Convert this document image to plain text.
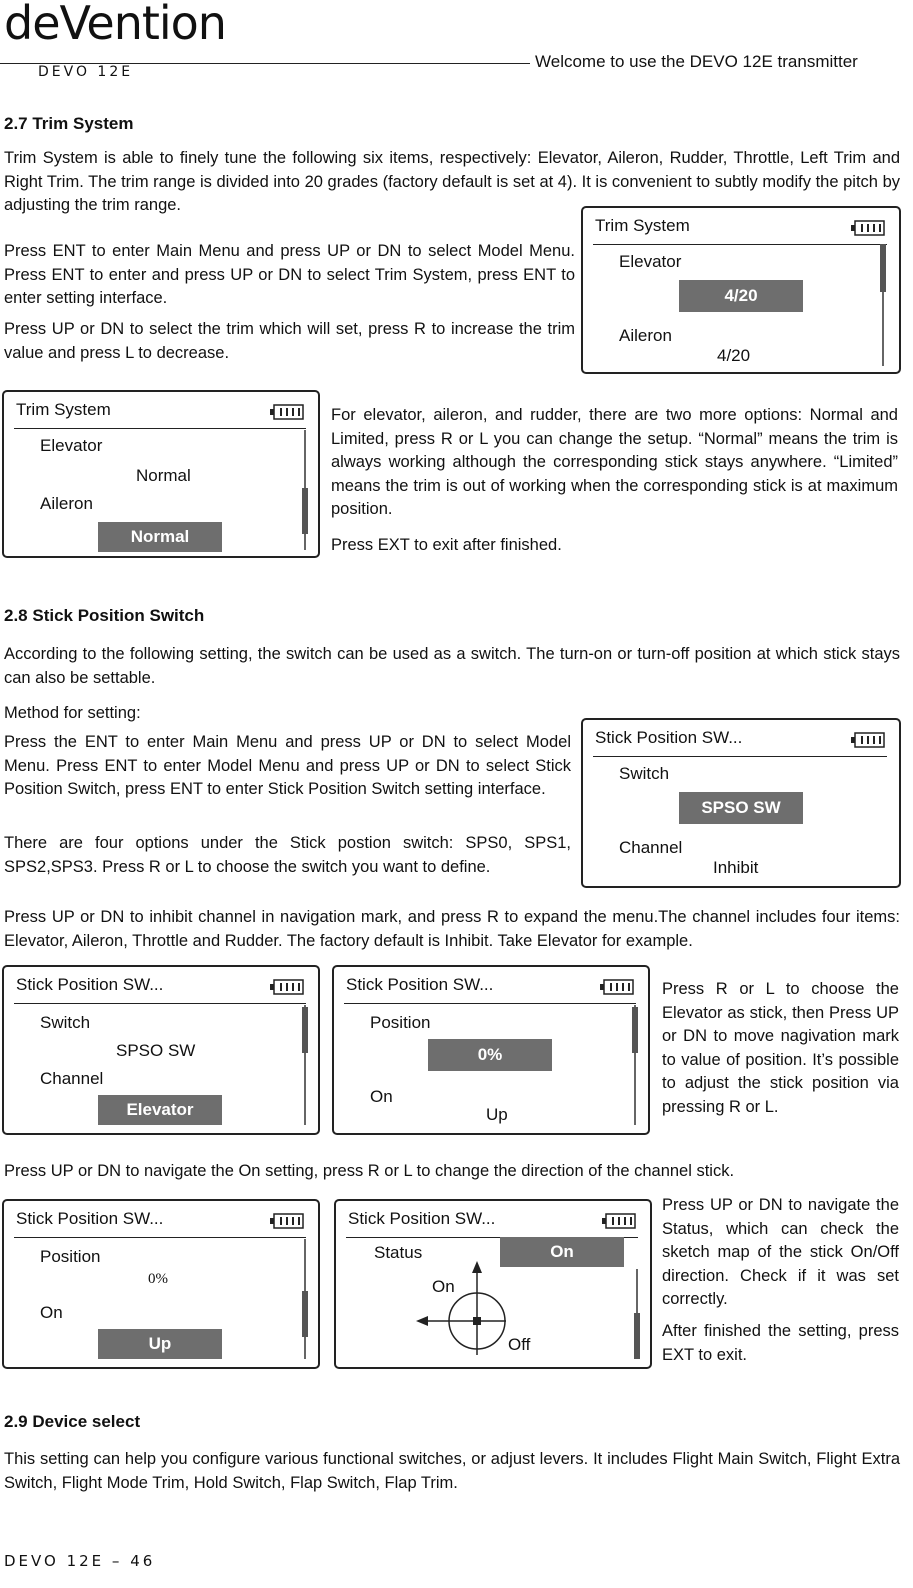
deVention
DEVO 12E
Welcome to use the DEVO 12E transmitter
2.7 Trim System
Trim System is able to finely tune the following six items, respectively: Elevator, Aileron, Rudder, Throttle, Left Trim and Right Trim. The trim range is divided into 20 grades (factory default is set at 4). It is convenient to subtly modify the pitch by adjusting the trim range.
Press ENT to enter Main Menu and press UP or DN to select Model Menu. Press ENT to enter and press UP or DN to select Trim System, press ENT to enter setting interface.
Press UP or DN to select the trim which will set, press R to increase the trim value and press L to decrease.
Trim System
Elevator
4/20
Aileron
4/20
Trim System
Elevator
Normal
Aileron
Normal
For elevator, aileron, and rudder, there are two more options: Normal and Limited, press R or L you can change the setup. “Normal” means the trim is always working although the corresponding stick stays anywhere. “Limited” means the trim is out of working when the corresponding stick is at maximum position.
Press EXT to exit after finished.
2.8 Stick Position Switch
According to the following setting, the switch can be used as a switch. The turn-on or turn-off position at which stick stays can also be settable.
Method for setting:
Press the ENT to enter Main Menu and press UP or DN to select Model Menu. Press ENT to enter Model Menu and press UP or DN to select Stick Position Switch, press ENT to enter Stick Position Switch setting interface.
There are four options under the Stick postion switch: SPS0, SPS1, SPS2,SPS3. Press R or L to choose the switch you want to define.
Stick Position SW...
Switch
SPSO SW
Channel
Inhibit
Press UP or DN to inhibit channel in navigation mark, and press R to expand the menu.The channel includes four items: Elevator, Aileron, Throttle and Rudder. The factory default is Inhibit. Take Elevator for example.
Stick Position SW...
Switch
SPSO SW
Channel
Elevator
Stick Position SW...
Position
0%
On
Up
Press R or L to choose the Elevator as stick, then Press UP or DN to move nagivation mark to value of position. It’s possible to adjust the stick position via pressing R or L.
Press UP or DN to navigate the On setting, press R or L to change the direction of the channel stick.
Stick Position SW...
Position
0%
On
Up
Stick Position SW...
Status	On
On
Off
Press UP or DN to navigate the Status, which can check the sketch map of the stick On/Off direction. Check if it was set correctly.
After finished the setting, press EXT to exit.
2.9 Device select
This setting can help you configure various functional switches, or adjust levers. It includes Flight Main Switch, Flight Extra Switch, Flight Mode Trim, Hold Switch, Flap Switch, Flap Trim.
DEVO 12E – 46
